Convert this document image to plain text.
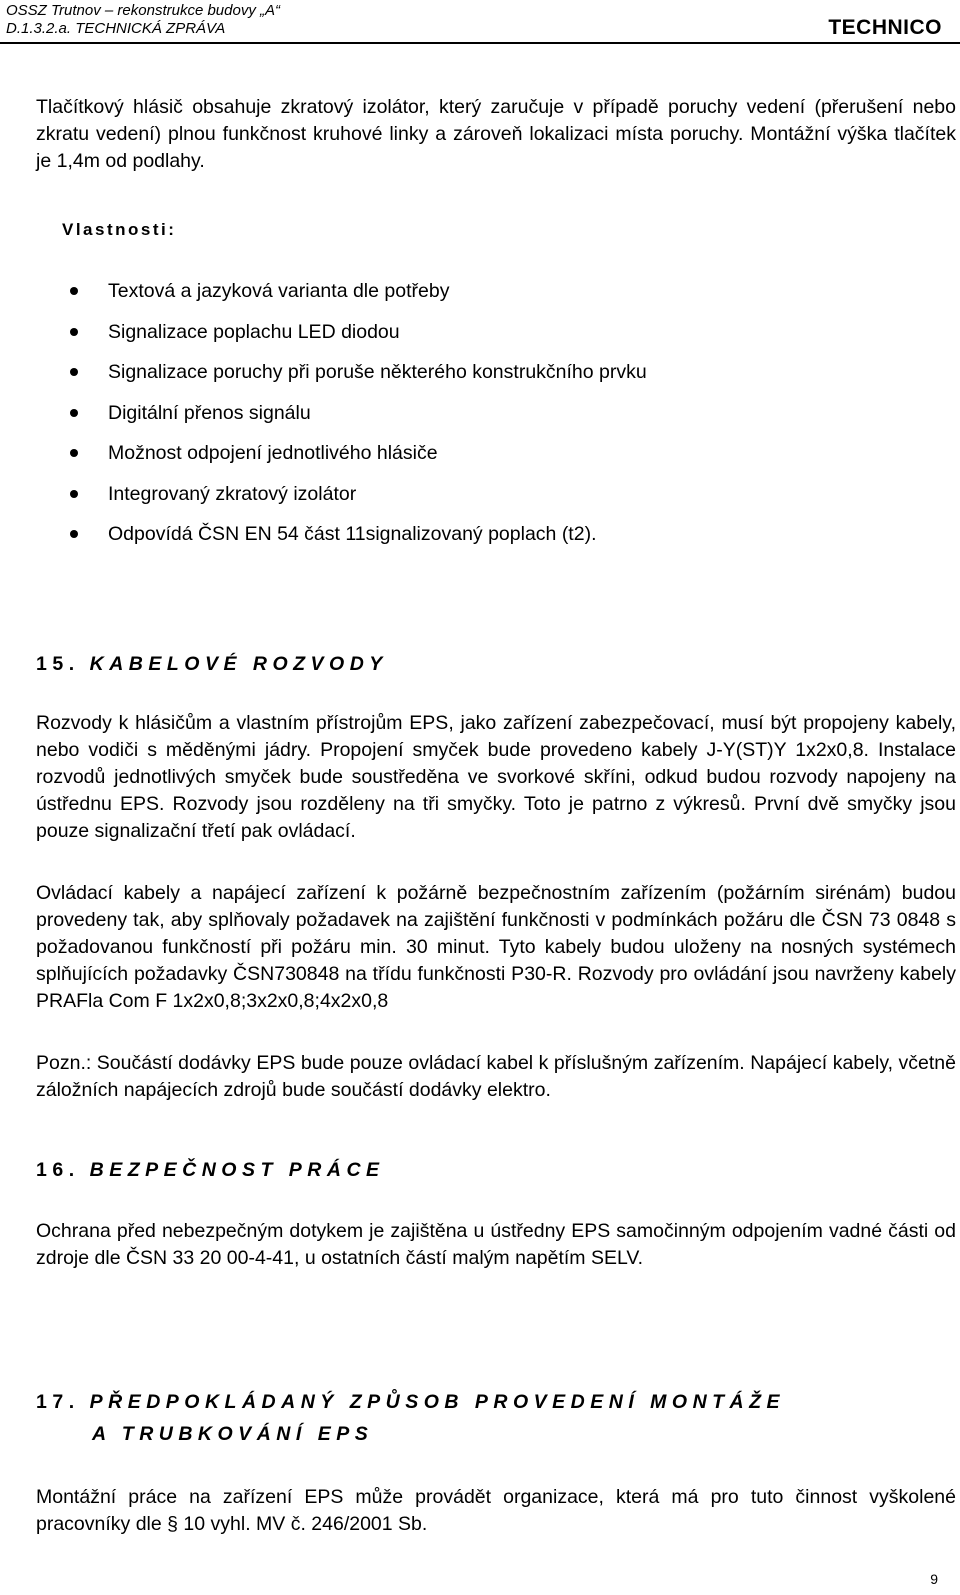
OSSZ Trutnov – rekonstrukce budovy „A“
D.1.3.2.a. TECHNICKÁ ZPRÁVA	TECHNICO

Tlačítkový hlásič obsahuje zkratový izolátor, který zaručuje v případě poruchy vedení (přerušení nebo zkratu vedení) plnou funkčnost kruhové linky a zároveň lokalizaci místa poruchy. Montážní výška tlačítek je 1,4m od podlahy.

Vlastnosti:
Textová a jazyková varianta dle potřeby
Signalizace poplachu LED diodou
Signalizace poruchy při poruše některého konstrukčního prvku
Digitální přenos signálu
Možnost odpojení jednotlivého hlásiče
Integrovaný zkratový izolátor
Odpovídá ČSN EN 54 část 11signalizovaný poplach (t2).
15. KABELOVÉ ROZVODY

Rozvody k hlásičům a vlastním přístrojům EPS, jako zařízení zabezpečovací, musí být propojeny kabely, nebo vodiči s měděnými jádry. Propojení smyček bude provedeno kabely J-Y(ST)Y 1x2x0,8. Instalace rozvodů jednotlivých smyček bude soustředěna ve svorkové skříni, odkud budou rozvody napojeny na ústřednu EPS. Rozvody jsou rozděleny na tři smyčky. Toto je patrno z výkresů. První dvě smyčky jsou pouze signalizační třetí pak ovládací.

Ovládací kabely a napájecí zařízení k požárně bezpečnostním zařízením (požárním sirénám) budou provedeny tak, aby splňovaly požadavek na zajištění funkčnosti v podmínkách požáru dle ČSN 73 0848 s požadovanou funkčností při požáru min. 30 minut. Tyto kabely budou uloženy na nosných systémech splňujících požadavky ČSN730848 na třídu funkčnosti P30-R. Rozvody pro ovládání jsou navrženy kabely PRAFla Com F 1x2x0,8;3x2x0,8;4x2x0,8

Pozn.: Součástí dodávky EPS bude pouze ovládací kabel k příslušným zařízením. Napájecí kabely, včetně záložních napájecích zdrojů bude součástí dodávky elektro.

16. BEZPEČNOST PRÁCE

Ochrana před nebezpečným dotykem je zajištěna u ústředny EPS samočinným odpojením vadné části od zdroje dle ČSN 33 20 00-4-41, u ostatních částí malým napětím SELV.

17. PŘEDPOKLÁDANÝ ZPŮSOB PROVEDENÍ MONTÁŽE
A TRUBKOVÁNÍ EPS

Montážní práce na zařízení EPS může provádět organizace, která má pro tuto činnost vyškolené pracovníky dle § 10 vyhl. MV č. 246/2001 Sb.

9
